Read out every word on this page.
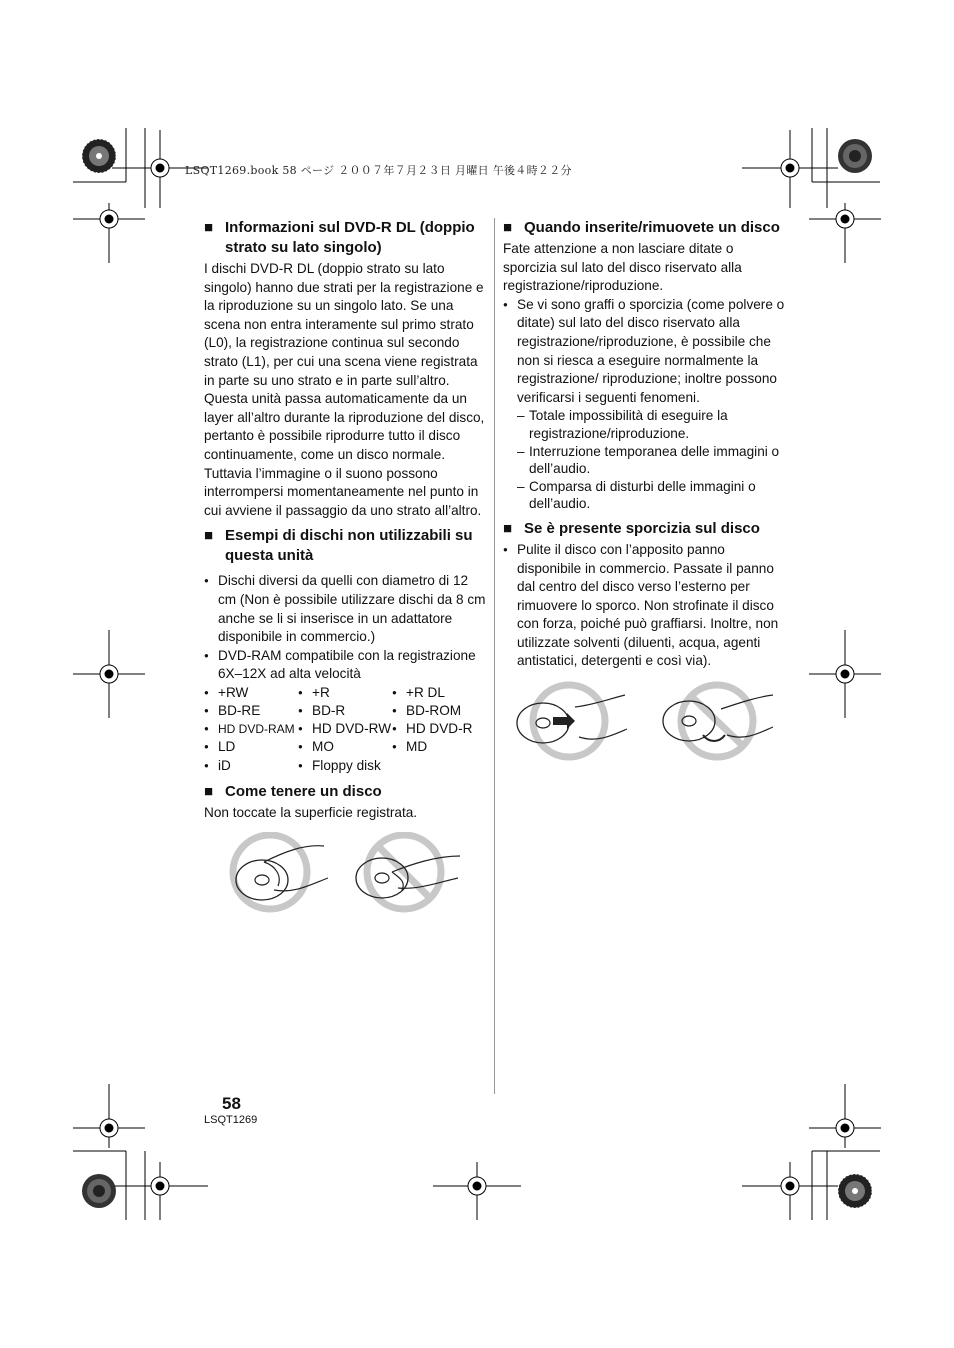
LSQT1269.book 58 ページ ２００７年７月２３日 月曜日 午後４時２２分
■ Informazioni sul DVD-R DL (doppio strato su lato singolo)

I dischi DVD-R DL (doppio strato su lato singolo) hanno due strati per la registrazione e la riproduzione su un singolo lato. Se una scena non entra interamente sul primo strato (L0), la registrazione continua sul secondo strato (L1), per cui una scena viene registrata in parte su uno strato e in parte sull’altro. Questa unità passa automaticamente da un layer all’altro durante la riproduzione del disco, pertanto è possibile riprodurre tutto il disco continuamente, come un disco normale. Tuttavia l’immagine o il suono possono interrompersi momentaneamente nel punto in cui avviene il passaggio da uno strato all’altro.

■ Esempi di dischi non utilizzabili su questa unità
● Dischi diversi da quelli con diametro di 12 cm (Non è possibile utilizzare dischi da 8 cm anche se li si inserisce in un adattatore disponibile in commercio.)
● DVD-RAM compatibile con la registrazione 6X–12X ad alta velocità
● +RW	● +R	● +R DL
● BD-RE	● BD-R	● BD-ROM
● HD DVD-RAM	● HD DVD-RW	● HD DVD-R
● LD	● MO	● MD
● iD	● Floppy disk
■ Come tenere un disco

Non toccate la superficie registrata.

■ Quando inserite/rimuovete un disco

Fate attenzione a non lasciare ditate o sporcizia sul lato del disco riservato alla registrazione/riproduzione.

● Se vi sono graffi o sporcizia (come polvere o ditate) sul lato del disco riservato alla registrazione/riproduzione, è possibile che non si riesca a eseguire normalmente la registrazione/ riproduzione; inoltre possono verificarsi i seguenti fenomeni.
– Totale impossibilità di eseguire la registrazione/riproduzione.
– Interruzione temporanea delle immagini o dell’audio.
– Comparsa di disturbi delle immagini o dell’audio.
■ Se è presente sporcizia sul disco
● Pulite il disco con l’apposito panno disponibile in commercio. Passate il panno dal centro del disco verso l’esterno per rimuovere lo sporco. Non strofinate il disco con forza, poiché può graffiarsi. Inoltre, non utilizzate solventi (diluenti, acqua, agenti antistatici, detergenti e così via).
58
LSQT1269
